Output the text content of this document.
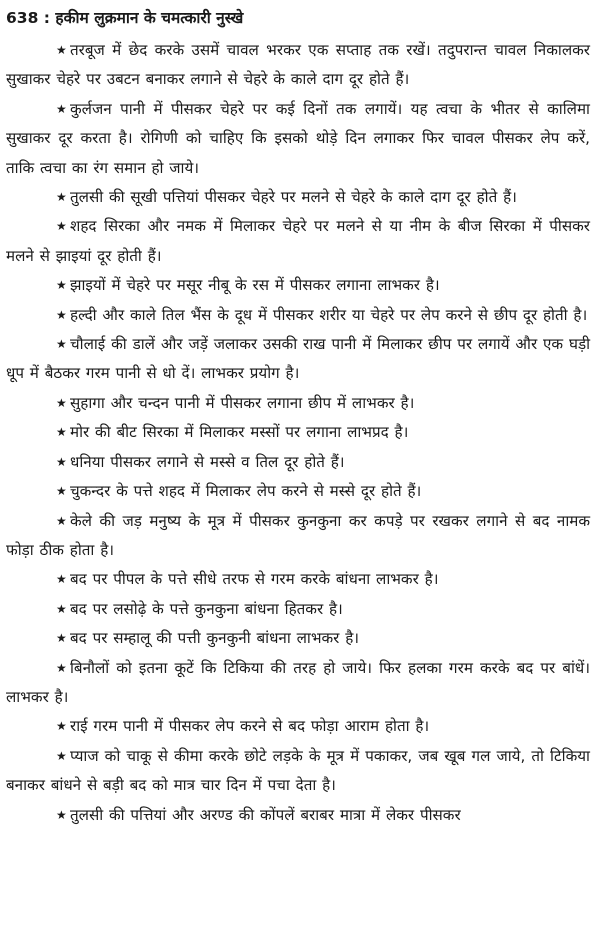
638 : हकीम लुक्रमान के चमत्कारी नुस्खे
★ तरबूज में छेद करके उसमें चावल भरकर एक सप्ताह तक रखें। तदुपरान्त चावल निकालकर सुखाकर चेहरे पर उबटन बनाकर लगाने से चेहरे के काले दाग दूर होते हैं।
★ कुर्लजन पानी में पीसकर चेहरे पर कई दिनों तक लगायें। यह त्वचा के भीतर से कालिमा सुखाकर दूर करता है। रोगिणी को चाहिए कि इसको थोड़े दिन लगाकर फिर चावल पीसकर लेप करें, ताकि त्वचा का रंग समान हो जाये।
★ तुलसी की सूखी पत्तियां पीसकर चेहरे पर मलने से चेहरे के काले दाग दूर होते हैं।
★ शहद सिरका और नमक में मिलाकर चेहरे पर मलने से या नीम के बीज सिरका में पीसकर मलने से झाइयां दूर होती हैं।
★ झाइयों में चेहरे पर मसूर नीबू के रस में पीसकर लगाना लाभकर है।
★ हल्दी और काले तिल भैंस के दूध में पीसकर शरीर या चेहरे पर लेप करने से छीप दूर होती है।
★ चौलाई की डालें और जड़ें जलाकर उसकी राख पानी में मिलाकर छीप पर लगायें और एक घड़ी धूप में बैठकर गरम पानी से धो दें। लाभकर प्रयोग है।
★ सुहागा और चन्दन पानी में पीसकर लगाना छीप में लाभकर है।
★ मोर की बीट सिरका में मिलाकर मस्सों पर लगाना लाभप्रद है।
★ धनिया पीसकर लगाने से मस्से व तिल दूर होते हैं।
★ चुकन्दर के पत्ते शहद में मिलाकर लेप करने से मस्से दूर होते हैं।
★ केले की जड़ मनुष्य के मूत्र में पीसकर कुनकुना कर कपड़े पर रखकर लगाने से बद नामक फोड़ा ठीक होता है।
★ बद पर पीपल के पत्ते सीधे तरफ से गरम करके बांधना लाभकर है।
★ बद पर लसोढ़े के पत्ते कुनकुना बांधना हितकर है।
★ बद पर सम्हालू की पत्ती कुनकुनी बांधना लाभकर है।
★ बिनौलों को इतना कूटें कि टिकिया की तरह हो जाये। फिर हलका गरम करके बद पर बांधें। लाभकर है।
★ राई गरम पानी में पीसकर लेप करने से बद फोड़ा आराम होता है।
★ प्याज को चाकू से कीमा करके छोटे लड़के के मूत्र में पकाकर, जब खूब गल जाये, तो टिकिया बनाकर बांधने से बड़ी बद को मात्र चार दिन में पचा देता है।
★ तुलसी की पत्तियां और अरण्ड की कोंपलें बराबर मात्रा में लेकर पीसकर
